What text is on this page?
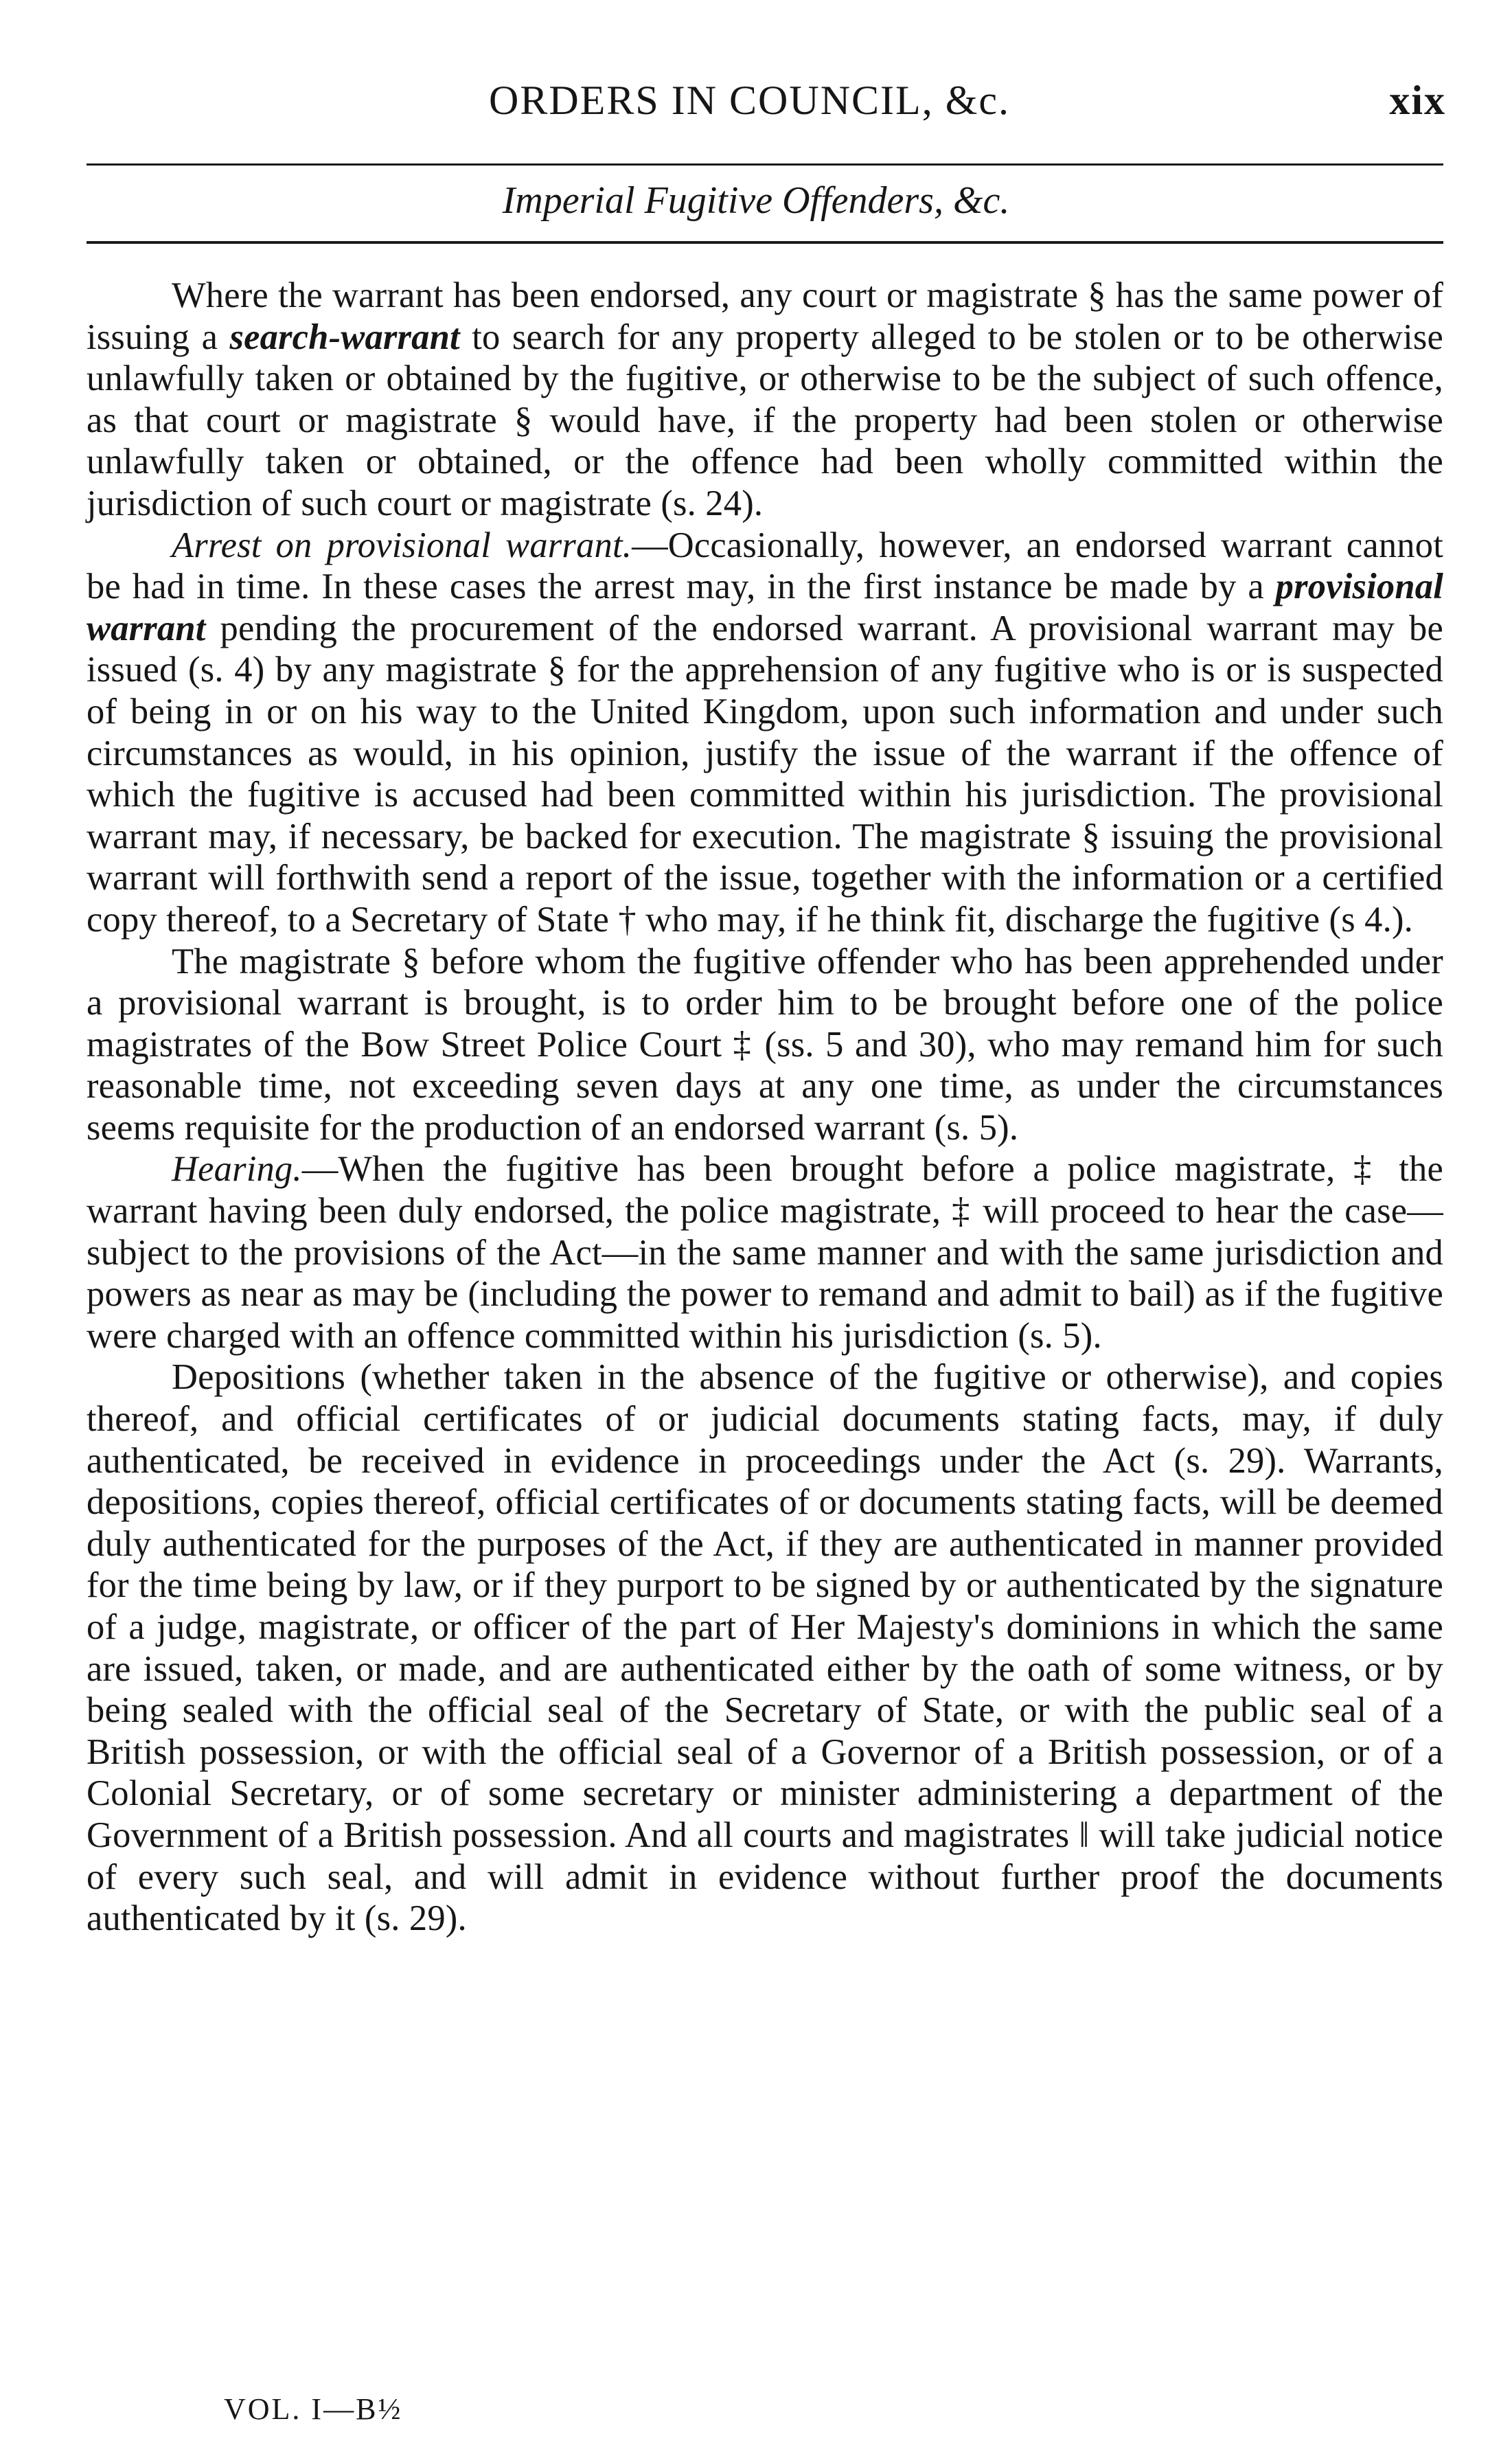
ORDERS IN COUNCIL, &c.	xix
Imperial Fugitive Offenders, &c.

Where the warrant has been endorsed, any court or magistrate § has the same power of issuing a search-warrant to search for any property alleged to be stolen or to be otherwise unlawfully taken or obtained by the fugitive, or otherwise to be the subject of such offence, as that court or magistrate § would have, if the property had been stolen or otherwise unlawfully taken or obtained, or the offence had been wholly committed within the jurisdiction of such court or magistrate (s. 24).

Arrest on provisional warrant.—Occasionally, however, an endorsed warrant cannot be had in time. In these cases the arrest may, in the first instance be made by a provisional warrant pending the procurement of the endorsed warrant. A provisional warrant may be issued (s. 4) by any magistrate § for the apprehension of any fugitive who is or is suspected of being in or on his way to the United Kingdom, upon such information and under such circumstances as would, in his opinion, justify the issue of the warrant if the offence of which the fugitive is accused had been committed within his jurisdiction. The provisional warrant may, if necessary, be backed for execution. The magistrate § issuing the provisional warrant will forthwith send a report of the issue, together with the information or a certified copy thereof, to a Secretary of State † who may, if he think fit, discharge the fugitive (s 4.).

The magistrate § before whom the fugitive offender who has been apprehended under a provisional warrant is brought, is to order him to be brought before one of the police magistrates of the Bow Street Police Court ‡ (ss. 5 and 30), who may remand him for such reasonable time, not exceeding seven days at any one time, as under the circumstances seems requisite for the production of an endorsed warrant (s. 5).

Hearing.—When the fugitive has been brought before a police magistrate, ‡ the warrant having been duly endorsed, the police magistrate, ‡ will proceed to hear the case—subject to the provisions of the Act—in the same manner and with the same jurisdiction and powers as near as may be (including the power to remand and admit to bail) as if the fugitive were charged with an offence committed within his jurisdiction (s. 5).

Depositions (whether taken in the absence of the fugitive or otherwise), and copies thereof, and official certificates of or judicial documents stating facts, may, if duly authenticated, be received in evidence in proceedings under the Act (s. 29). Warrants, depositions, copies thereof, official certificates of or documents stating facts, will be deemed duly authenticated for the purposes of the Act, if they are authenticated in manner provided for the time being by law, or if they purport to be signed by or authenticated by the signature of a judge, magistrate, or officer of the part of Her Majesty's dominions in which the same are issued, taken, or made, and are authenticated either by the oath of some witness, or by being sealed with the official seal of the Secretary of State, or with the public seal of a British possession, or with the official seal of a Governor of a British possession, or of a Colonial Secretary, or of some secretary or minister administering a department of the Government of a British possession. And all courts and magistrates ‖ will take judicial notice of every such seal, and will admit in evidence without further proof the documents authenticated by it (s. 29).

VOL. I—B½
